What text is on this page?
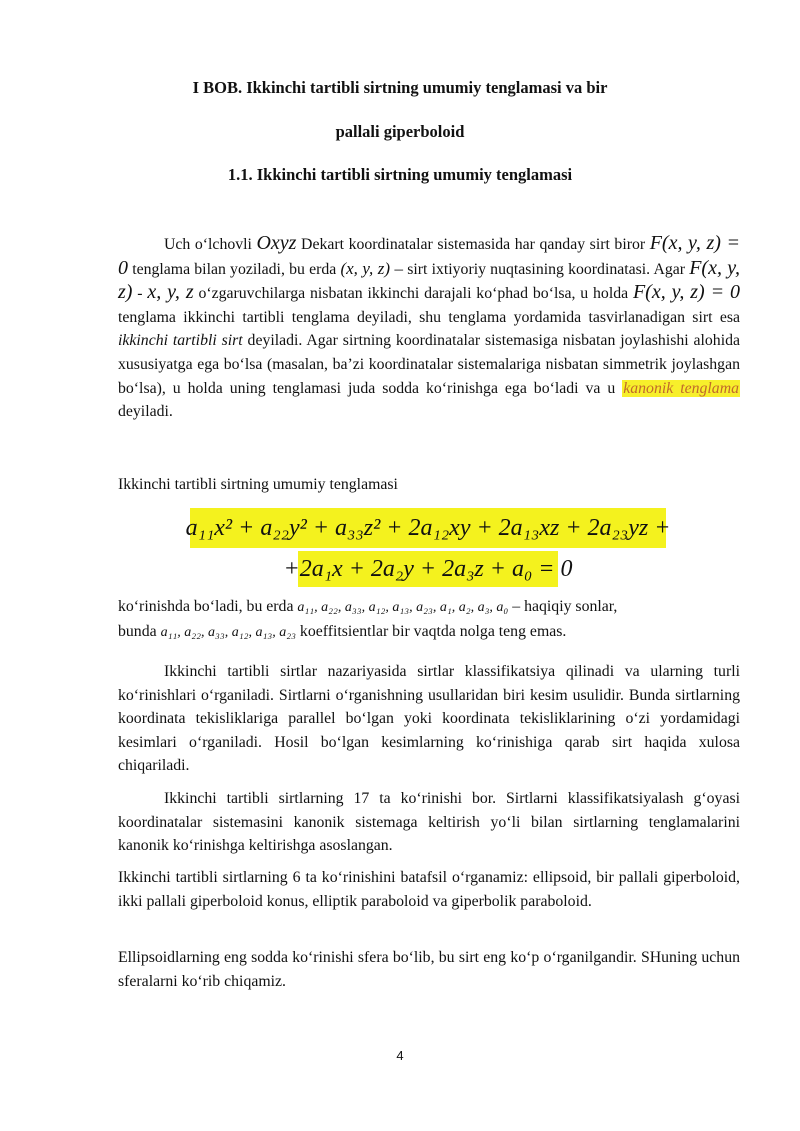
I BOB. Ikkinchi tartibli sirtning umumiy tenglamasi va bir
pallali giperboloid
1.1. Ikkinchi tartibli sirtning umumiy tenglamasi
Uch o‘lchovli Oxyz Dekart koordinatalar sistemasida har qanday sirt biror F(x, y, z) = 0 tenglama bilan yoziladi, bu erda (x, y, z) – sirt ixtiyoriy nuqtasining koordinatasi. Agar F(x, y, z) - x, y, z o‘zgaruvchilarga nisbatan ikkinchi darajali ko‘phad bo‘lsa, u holda F(x, y, z) = 0 tenglama ikkinchi tartibli tenglama deyiladi, shu tenglama yordamida tasvirlanadigan sirt esa ikkinchi tartibli sirt deyiladi. Agar sirtning koordinatalar sistemasiga nisbatan joylashishi alohida xususiyatga ega bo‘lsa (masalan, ba’zi koordinatalar sistemalariga nisbatan simmetrik joylashgan bo‘lsa), u holda uning tenglamasi juda sodda ko‘rinishga ega bo‘ladi va u kanonik tenglama deyiladi.
Ikkinchi tartibli sirtning umumiy tenglamasi
a₁₁x² + a₂₂y² + a₃₃z² + 2a₁₂xy + 2a₁₃xz + 2a₂₃yz +
+2a₁x + 2a₂y + 2a₃z + a₀ = 0
ko‘rinishda bo‘ladi, bu erda a₁₁, a₂₂, a₃₃, a₁₂, a₁₃, a₂₃, a₁, a₂, a₃, a₀ – haqiqiy sonlar,
bunda a₁₁, a₂₂, a₃₃, a₁₂, a₁₃, a₂₃ koeffitsientlar bir vaqtda nolga teng emas.
Ikkinchi tartibli sirtlar nazariyasida sirtlar klassifikatsiya qilinadi va ularning turli ko‘rinishlari o‘rganiladi. Sirtlarni o‘rganishning usullaridan biri kesim usulidir. Bunda sirtlarning koordinata tekisliklariga parallel bo‘lgan yoki koordinata tekisliklarining o‘zi yordamidagi kesimlari o‘rganiladi. Hosil bo‘lgan kesimlarning ko‘rinishiga qarab sirt haqida xulosa chiqariladi.
Ikkinchi tartibli sirtlarning 17 ta ko‘rinishi bor. Sirtlarni klassifikatsiyalash g‘oyasi koordinatalar sistemasini kanonik sistemaga keltirish yo‘li bilan sirtlarning tenglamalarini kanonik ko‘rinishga keltirishga asoslangan.
Ikkinchi tartibli sirtlarning 6 ta ko‘rinishini batafsil o‘rganamiz: ellipsoid, bir pallali giperboloid, ikki pallali giperboloid konus, elliptik paraboloid va giperbolik paraboloid.
Ellipsoidlarning eng sodda ko‘rinishi sfera bo‘lib, bu sirt eng ko‘p o‘rganilgandir. SHuning uchun sferalarni ko‘rib chiqamiz.
4
